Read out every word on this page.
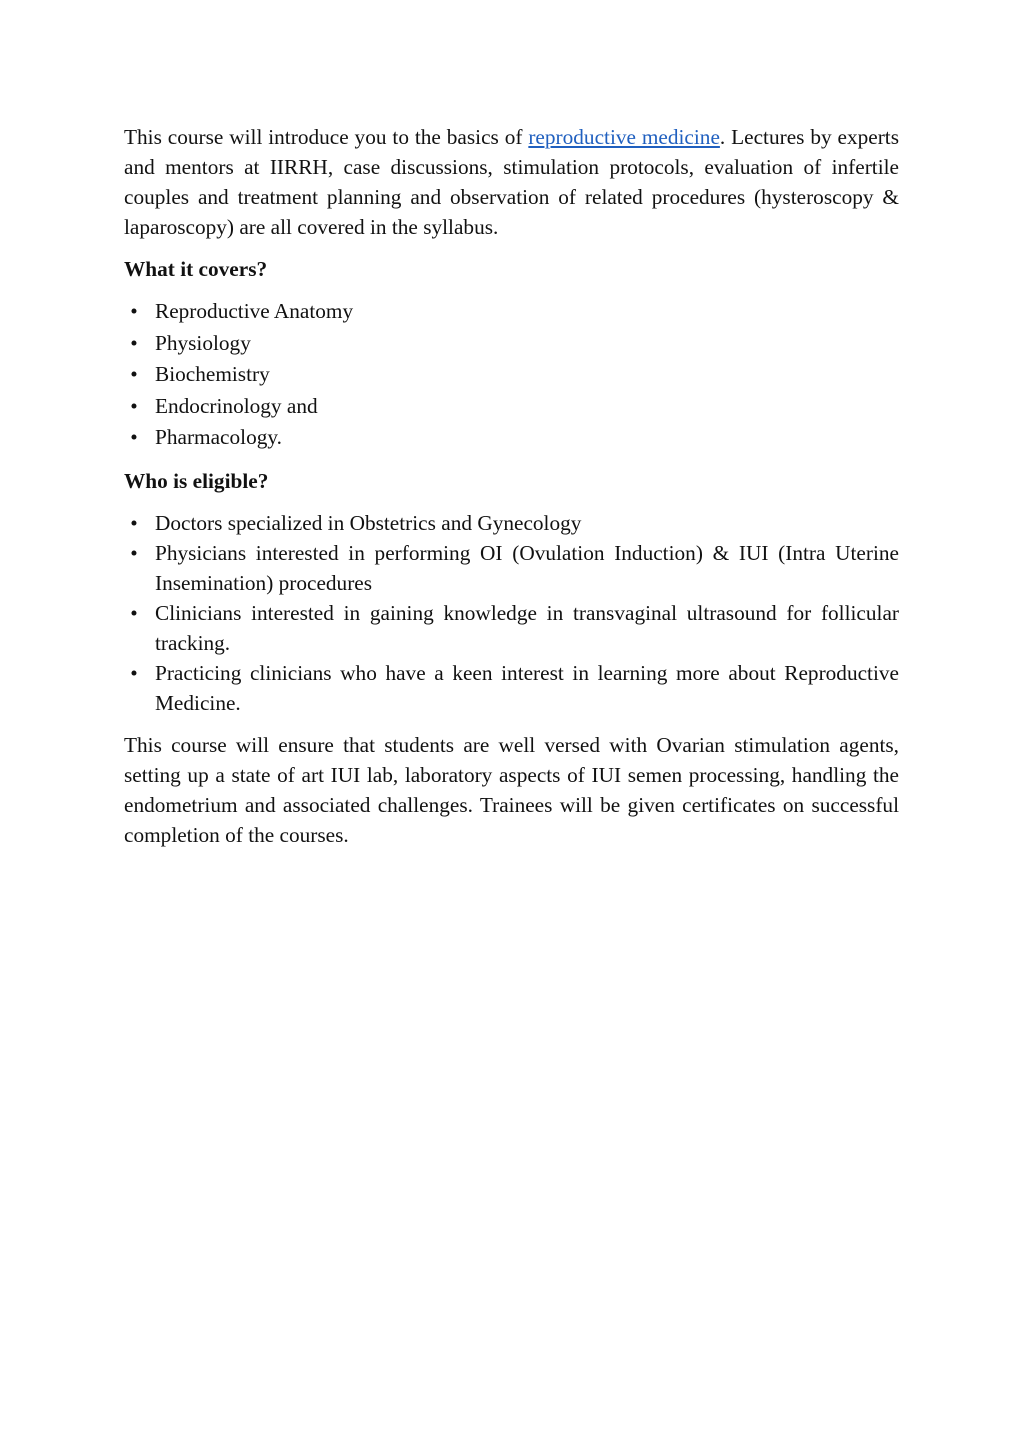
This course will introduce you to the basics of reproductive medicine. Lectures by experts and mentors at IIRRH, case discussions, stimulation protocols, evaluation of infertile couples and treatment planning and observation of related procedures (hysteroscopy & laparoscopy) are all covered in the syllabus.

What it covers?
• Reproductive Anatomy
• Physiology
• Biochemistry
• Endocrinology and
• Pharmacology.
Who is eligible?
• Doctors specialized in Obstetrics and Gynecology
• Physicians interested in performing OI (Ovulation Induction) & IUI (Intra Uterine Insemination) procedures
• Clinicians interested in gaining knowledge in transvaginal ultrasound for follicular tracking.
• Practicing clinicians who have a keen interest in learning more about Reproductive Medicine.

This course will ensure that students are well versed with Ovarian stimulation agents, setting up a state of art IUI lab, laboratory aspects of IUI semen processing, handling the endometrium and associated challenges. Trainees will be given certificates on successful completion of the courses.
